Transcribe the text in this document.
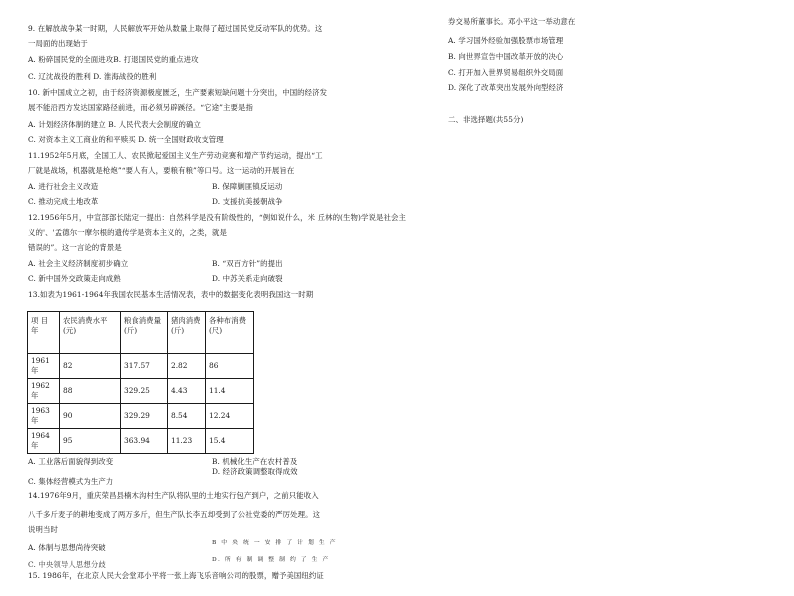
9. 在解放战争某一时期，人民解放军开始从数量上取得了超过国民党反动军队的优势。这
一局面的出现始于
A. 粉碎国民党的全面进攻B. 打退国民党的重点进攻
C. 辽沈战役的胜利 D. 淮海战役的胜利
10. 新中国成立之初，由于经济资源极度匮乏，生产要素短缺问题十分突出，中国的经济发
展不能沿西方发达国家路径前进，而必须另辟蹊径。“它途”主要是指
A. 计划经济体制的建立 B. 人民代表大会制度的确立
C. 对资本主义工商业的和平赎买 D. 统一全国财政收支管理
11.1952年5月底，全国工人、农民掀起爱国主义生产劳动竞赛和增产节约运动，提出“工
厂就是战场，机器就是枪炮”“要人有人，要粮有粮”等口号。这一运动的开展旨在
A. 进行社会主义改造	B. 保障剿匪镇反运动
C. 推动完成土地改革	D. 支援抗美援朝战争
12.1956年5月，中宣部部长陆定一提出：自然科学是没有阶级性的，“例如说什么，米 丘林的(生物)学说是社会主
义的'、'孟德尔一摩尔根的遗传学是资本主义的，之类，就是
错误的”。这一言论的背景是
A. 社会主义经济制度初步确立	B. “双百方针”的提出
C. 新中国外交政策走向成熟	D. 中苏关系走向破裂
13.如表为1961-1964年我国农民基本生活情况表，表中的数据变化表明我国这一时期
项 目 年	农民消费水平(元)	粮食消费量(斤)	猪肉消费(斤)	各种布消费(尺)
1961年	82	317.57	2.82	86
1962年	88	329.25	4.43	11.4
1963年	90	329.29	8.54	12.24
1964年	95	363.94	11.23	15.4
A. 工业落后面貌得到改变	B. 机械化生产在农村普及
D. 经济政策调整取得成效
C. 集体经营模式为生产力
14.1976年9月，重庆荣昌县楠木沟村生产队将队里的土地实行包产到户，之前只能收入
八千多斤麦子的耕地变成了两万多斤，但生产队长李五却受到了公社党委的严厉处理。这
说明当时
B 中 央 统 一 安 排 了 计 划 生 产
A. 体制与思想尚待突破
D. 所 有 制 调 整 制 约 了 生 产
C. 中央领导人思想分歧
15. 1986年，在北京人民大会堂邓小平将一张上海飞乐音响公司的股票，赠予美国纽约证
券交易所董事长。邓小平这一举动意在
A. 学习国外经验加强股票市场管理
B. 向世界宣告中国改革开放的决心
C. 打开加入世界贸易组织外交局面
D. 深化了改革突出发展外向型经济
二、非选择题(共55分)
